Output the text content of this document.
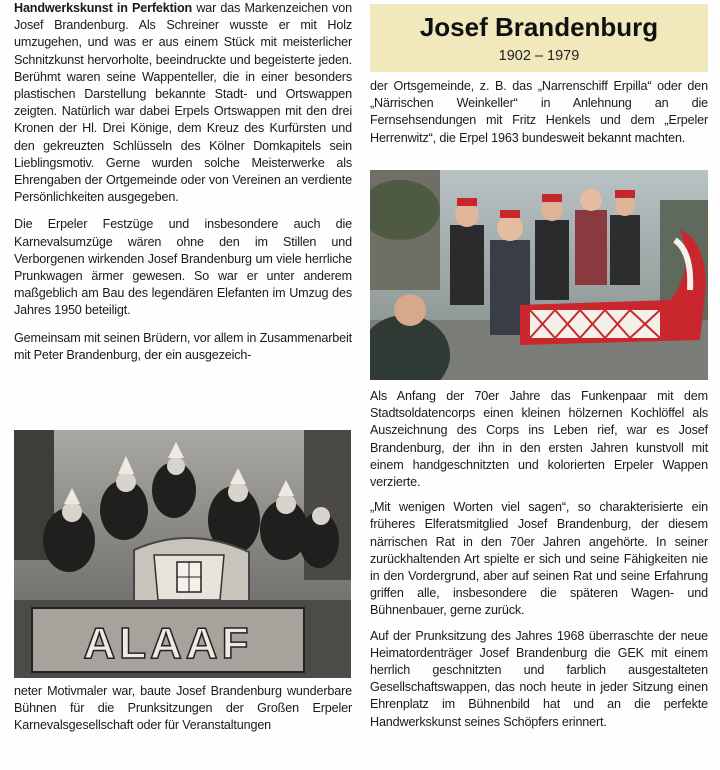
Handwerkskunst in Perfektion war das Markenzeichen von Josef Brandenburg. Als Schreiner wusste er mit Holz umzugehen, und was er aus einem Stück mit meisterlicher Schnitzkunst hervorholte, beeindruckte und begeisterte jeden. Berühmt waren seine Wappenteller, die in einer besonders plastischen Darstellung bekannte Stadt- und Ortswappen zeigten. Natürlich war dabei Erpels Ortswappen mit den drei Kronen der Hl. Drei Könige, dem Kreuz des Kurfürsten und den gekreuzten Schlüsseln des Kölner Domkapitels sein Lieblingsmotiv. Gerne wurden solche Meisterwerke als Ehrengaben der Ortgemeinde oder von Vereinen an verdiente Persönlichkeiten ausgegeben.

Die Erpeler Festzüge und insbesondere auch die Karnevalsumzüge wären ohne den im Stillen und Verborgenen wirkenden Josef Brandenburg um viele herrliche Prunkwagen ärmer gewesen. So war er unter anderem maßgeblich am Bau des legendären Elefanten im Umzug des Jahres 1950 beteiligt.

Gemeinsam mit seinen Brüdern, vor allem in Zusammenarbeit mit Peter Brandenburg, der ein ausgezeich-

ALAAF
neter Motivmaler war, baute Josef Brandenburg wunderbare Bühnen für die Prunksitzungen der Großen Erpeler Karnevalsgesellschaft oder für Veranstaltungen
Josef Brandenburg
1902 – 1979
der Ortsgemeinde, z. B. das „Narrenschiff Erpilla“ oder den „Närrischen Weinkeller“ in Anlehnung an die Fernsehsendungen mit Fritz Henkels und dem „Erpeler Herrenwitz“, die Erpel 1963 bundesweit bekannt machten.

Als Anfang der 70er Jahre das Funkenpaar mit dem Stadtsoldatencorps einen kleinen hölzernen Kochlöffel als Auszeichnung des Corps ins Leben rief, war es Josef Brandenburg, der ihn in den ersten Jahren kunstvoll mit einem handgeschnitzten und kolorierten Erpeler Wappen verzierte.

„Mit wenigen Worten viel sagen“, so charakterisierte ein früheres Elferatsmitglied Josef Brandenburg, der diesem närrischen Rat in den 70er Jahren angehörte. In seiner zurückhaltenden Art spielte er sich und seine Fähigkeiten nie in den Vordergrund, aber auf seinen Rat und seine Erfahrung griffen alle, insbesondere die späteren Wagen- und Bühnenbauer, gerne zurück.

Auf der Prunksitzung des Jahres 1968 überraschte der neue Heimatordenträger Josef Brandenburg die GEK mit einem herrlich geschnitzten und farblich ausgestalteten Gesellschaftswappen, das noch heute in jeder Sitzung einen Ehrenplatz im Bühnenbild hat und an die perfekte Handwerkskunst seines Schöpfers erinnert.
